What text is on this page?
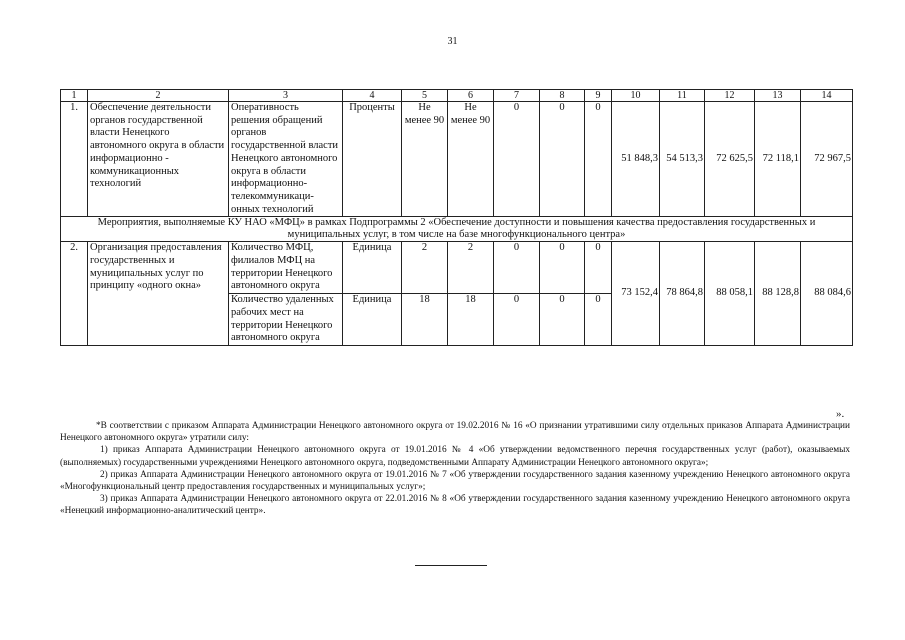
31
1	2	3	4	5	6	7	8	9	10	11	12	13	14
1.	Обеспечение деятельности органов государственной власти Ненецкого автономного округа в области информационно - коммуникационных технологий	Оперативность решения обращений органов государственной власти Ненецкого автономного округа в области информационно-телекоммуникаци-онных технологий	Проценты	Не менее 90	Не менее 90	0	0	0	51 848,3	54 513,3	72 625,5	72 118,1	72 967,5
Мероприятия, выполняемые КУ НАО «МФЦ» в рамках Подпрограммы 2 «Обеспечение доступности и повышения качества предоставления государственных и муниципальных услуг, в том числе на базе многофункционального центра»													
2.	Организация предоставления государственных и муниципальных услуг по принципу «одного окна»	Количество МФЦ, филиалов МФЦ на территории Ненецкого автономного округа	Единица	2	2	0	0	0	73 152,4	78 864,8	88 058,1	88 128,8	88 084,6
		Количество удаленных рабочих мест на территории Ненецкого автономного округа	Единица	18	18	0	0	0					
».

*В соответствии с приказом Аппарата Администрации Ненецкого автономного округа от 19.02.2016 № 16 «О признании утратившими силу отдельных приказов Аппарата Администрации Ненецкого автономного округа» утратили силу:

1) приказ Аппарата Администрации Ненецкого автономного округа от 19.01.2016 № 4 «Об утверждении ведомственного перечня государственных услуг (работ), оказываемых (выполняемых) государственными учреждениями Ненецкого автономного округа, подведомственными Аппарату Администрации Ненецкого автономного округа»;

2) приказ Аппарата Администрации Ненецкого автономного округа от 19.01.2016 № 7 «Об утверждении государственного задания казенному учреждению Ненецкого автономного округа «Многофункциональный центр предоставления государственных и муниципальных услуг»;

3) приказ Аппарата Администрации Ненецкого автономного округа от 22.01.2016 № 8 «Об утверждении государственного задания казенному учреждению Ненецкого автономного округа «Ненецкий информационно-аналитический центр».
